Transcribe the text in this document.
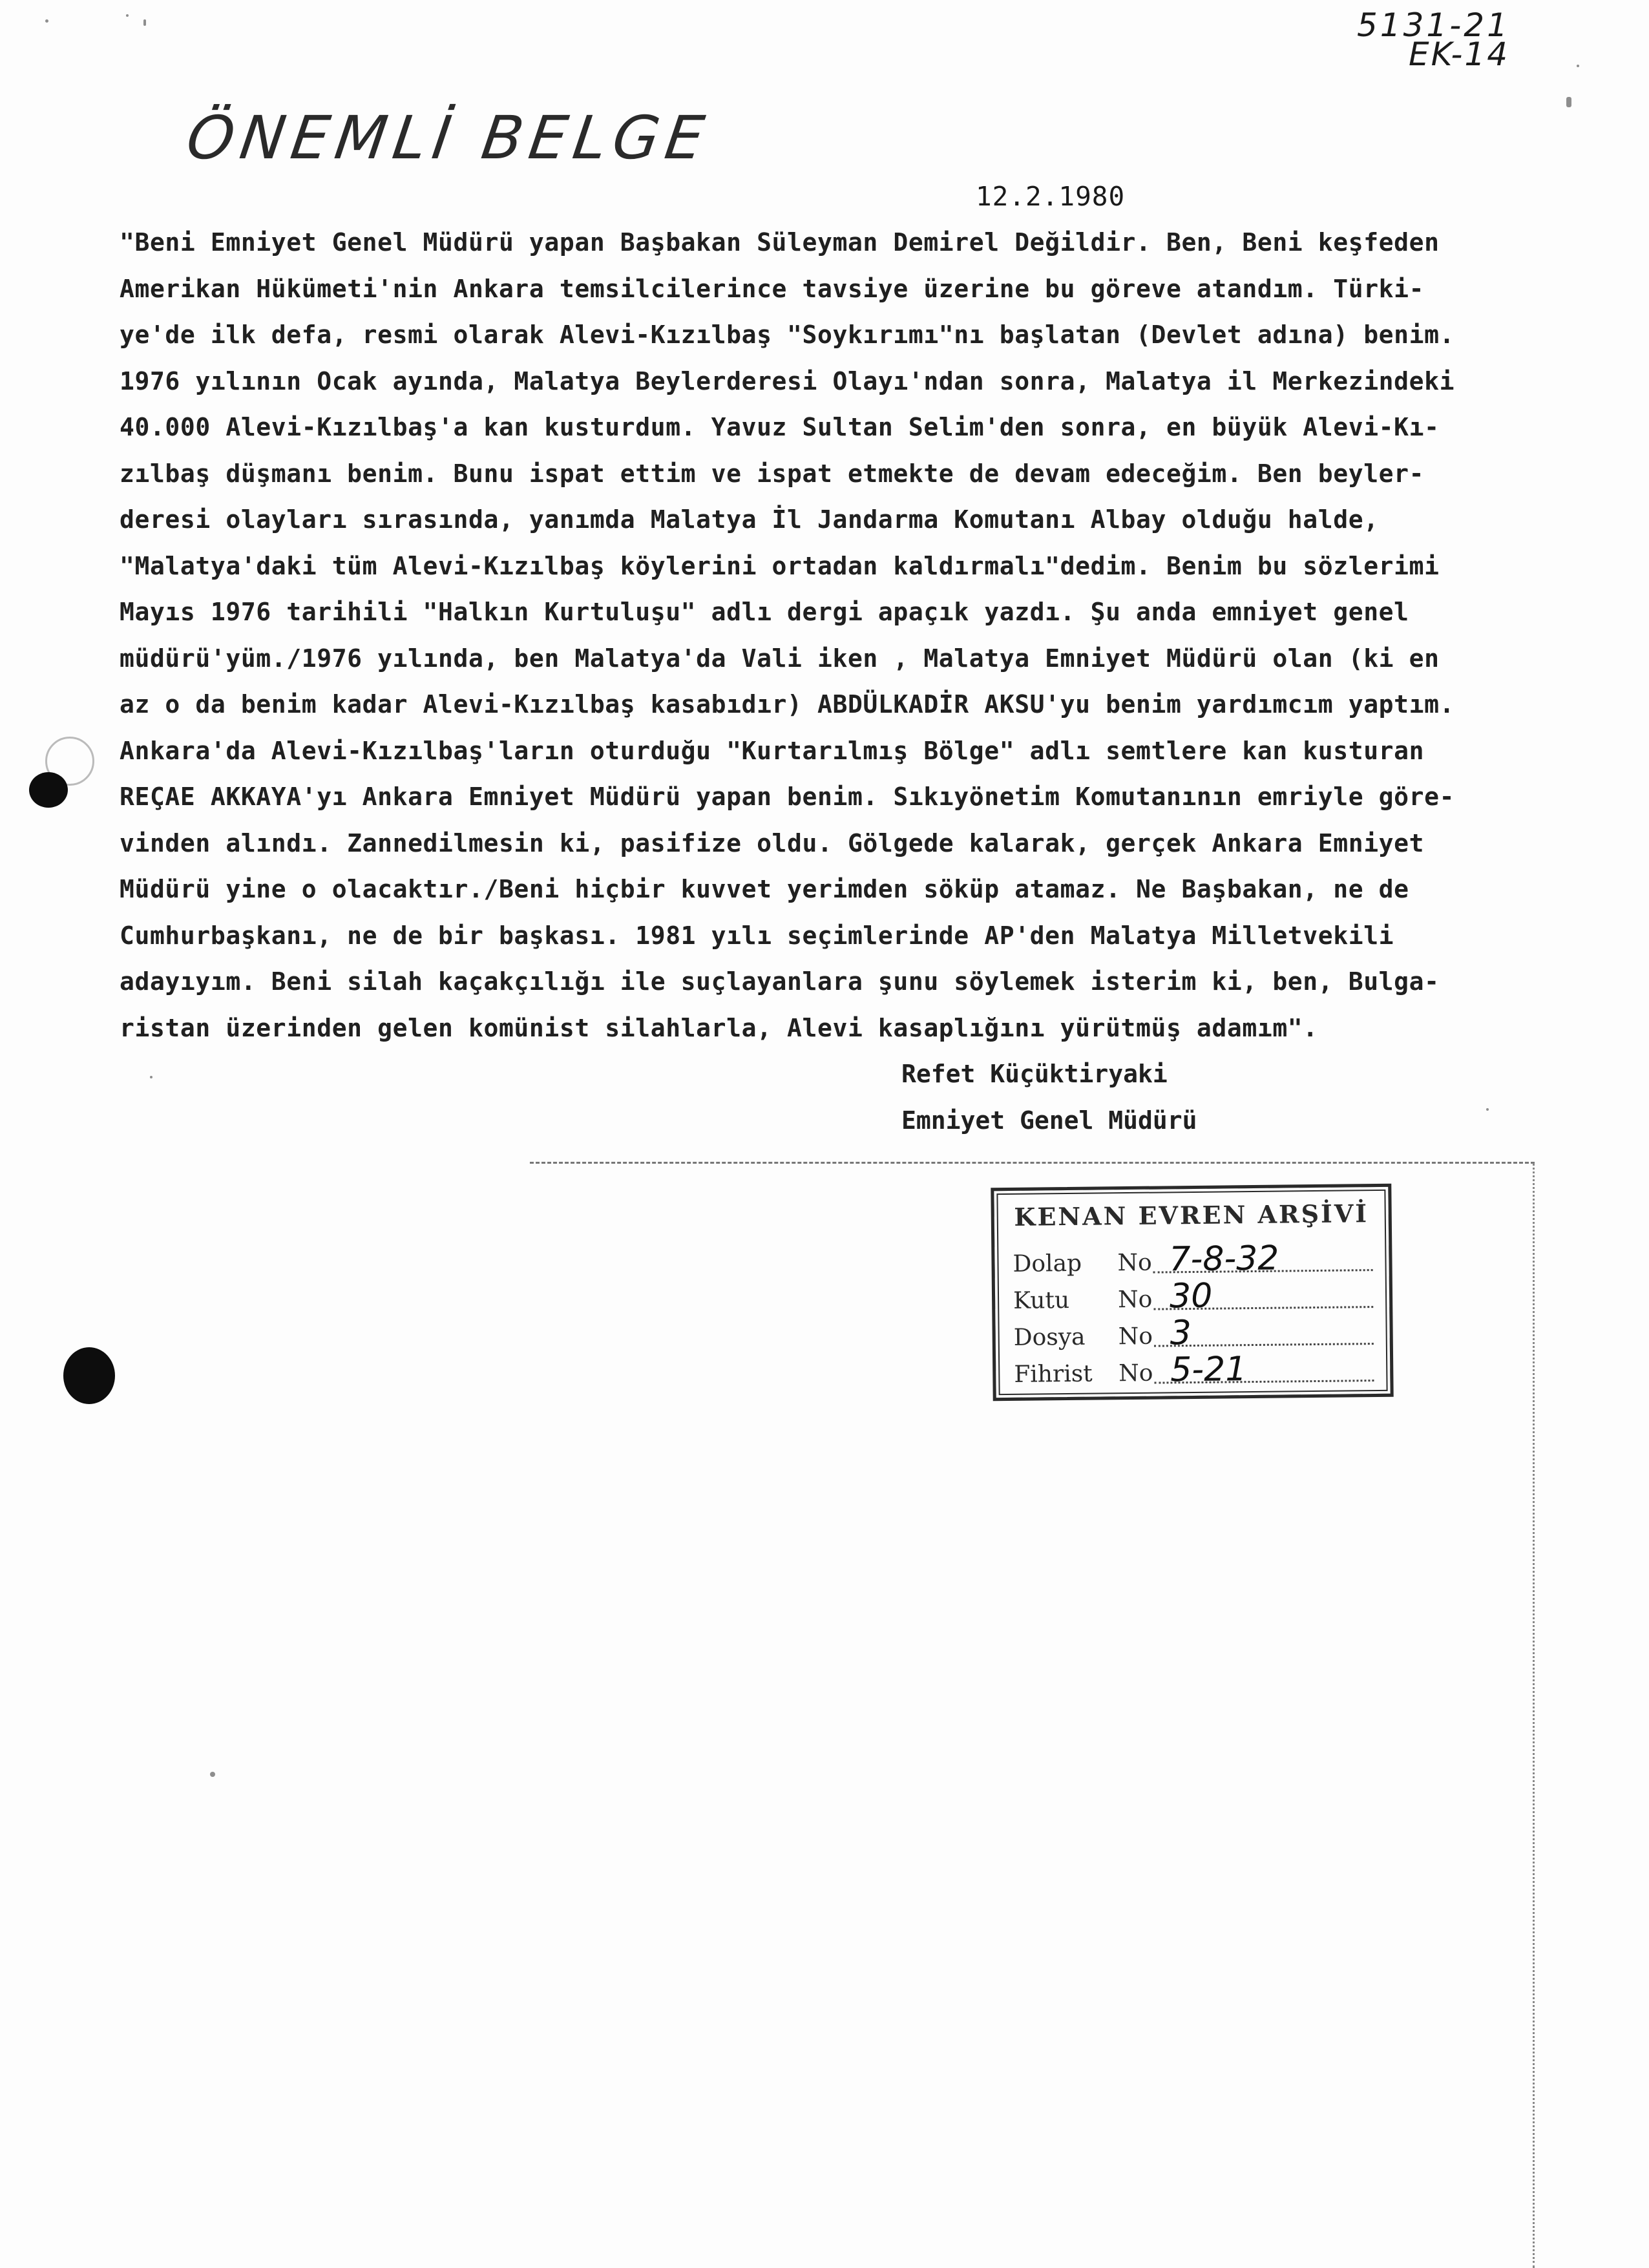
5131-21
EK-14
ÖNEMLİ BELGE
12.2.1980
"Beni Emniyet Genel Müdürü yapan Başbakan Süleyman Demirel Değildir. Ben, Beni keşfeden
Amerikan Hükümeti'nin Ankara temsilcilerince tavsiye üzerine bu göreve atandım. Türki-
ye'de ilk defa, resmi olarak Alevi-Kızılbaş "Soykırımı"nı başlatan (Devlet adına) benim.
1976 yılının Ocak ayında, Malatya Beylerderesi Olayı'ndan sonra, Malatya il Merkezindeki
40.000 Alevi-Kızılbaş'a kan kusturdum. Yavuz Sultan Selim'den sonra, en büyük Alevi-Kı-
zılbaş düşmanı benim. Bunu ispat ettim ve ispat etmekte de devam edeceğim. Ben beyler-
deresi olayları sırasında, yanımda Malatya İl Jandarma Komutanı Albay olduğu halde,
"Malatya'daki tüm Alevi-Kızılbaş köylerini ortadan kaldırmalı"dedim. Benim bu sözlerimi
Mayıs 1976 tarihili "Halkın Kurtuluşu" adlı dergi apaçık yazdı. Şu anda emniyet genel
müdürü'yüm./1976 yılında, ben Malatya'da Vali iken , Malatya Emniyet Müdürü olan (ki en
az o da benim kadar Alevi-Kızılbaş kasabıdır) ABDÜLKADİR AKSU'yu benim yardımcım yaptım.
Ankara'da Alevi-Kızılbaş'ların oturduğu "Kurtarılmış Bölge" adlı semtlere kan kusturan
REÇAE AKKAYA'yı Ankara Emniyet Müdürü yapan benim. Sıkıyönetim Komutanının emriyle göre-
vinden alındı. Zannedilmesin ki, pasifize oldu. Gölgede kalarak, gerçek Ankara Emniyet
Müdürü yine o olacaktır./Beni hiçbir kuvvet yerimden söküp atamaz. Ne Başbakan, ne de
Cumhurbaşkanı, ne de bir başkası. 1981 yılı seçimlerinde AP'den Malatya Milletvekili
adayıyım. Beni silah kaçakçılığı ile suçlayanlara şunu söylemek isterim ki, ben, Bulga-
ristan üzerinden gelen komünist silahlarla, Alevi kasaplığını yürütmüş adamım".
Refet Küçüktiryaki
Emniyet Genel Müdürü
KENAN EVREN ARŞİVİ
Dolap No 7-8-32
Kutu No 30
Dosya No 3
Fihrist No 5-21
